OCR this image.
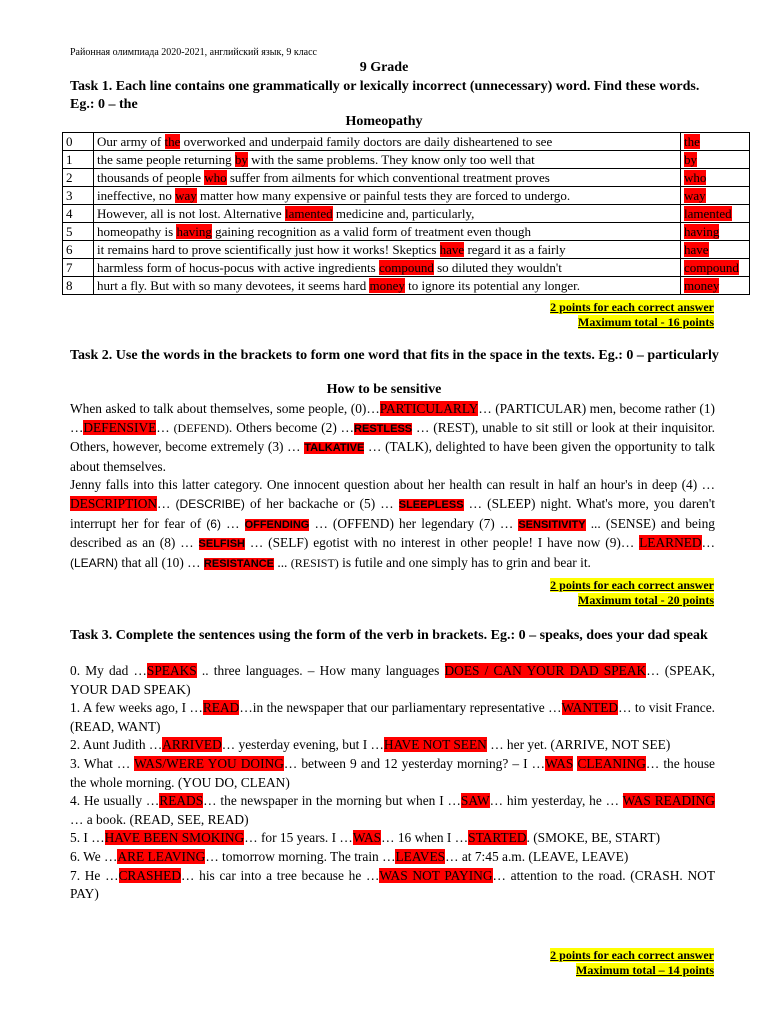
Районная олимпиада 2020-2021, английский язык, 9 класс
9 Grade
Task 1. Each line contains one grammatically or lexically incorrect (unnecessary) word. Find these words. Eg.: 0 – the
Homeopathy
0	Our army of the overworked and underpaid family doctors are daily disheartened to see	the
1	the same people returning by with the same problems. They know only too well that	by
2	thousands of people who suffer from ailments for which conventional treatment proves	who
3	ineffective, no way matter how many expensive or painful tests they are forced to undergo.	way
4	However, all is not lost. Alternative lamented medicine and, particularly,	lamented
5	homeopathy is having gaining recognition as a valid form of treatment even though	having
6	it remains hard to prove scientifically just how it works! Skeptics have regard it as a fairly	have
7	harmless form of hocus-pocus with active ingredients compound so diluted they wouldn't	compound
8	hurt a fly. But with so many devotees, it seems hard money to ignore its potential any longer.	money
2 points for each correct answer
Maximum total - 16 points
Task 2. Use the words in the brackets to form one word that fits in the space in the texts. Eg.: 0 – particularly
How to be sensitive
When asked to talk about themselves, some people, (0)…PARTICULARLY… (PARTICULAR) men, become rather (1) …DEFENSIVE… (DEFEND). Others become (2) …RESTLESS … (REST), unable to sit still or look at their inquisitor. Others, however, become extremely (3) … TALKATIVE … (TALK), delighted to have been given the opportunity to talk about themselves.
Jenny falls into this latter category. One innocent question about her health can result in half an hour's in deep (4) … DESCRIPTION… (DESCRIBE) of her backache or (5) … SLEEPLESS … (SLEEP) night. What's more, you daren't interrupt her for fear of (6) … OFFENDING … (OFFEND) her legendary (7) … SENSITIVITY ... (SENSE) and being described as an (8) … SELFISH … (SELF) egotist with no interest in other people! I have now (9)… LEARNED… (LEARN) that all (10) … RESISTANCE ... (RESIST) is futile and one simply has to grin and bear it.
2 points for each correct answer
Maximum total - 20 points
Task 3. Complete the sentences using the form of the verb in brackets. Eg.: 0 – speaks, does your dad speak
0. My dad …SPEAKS .. three languages. – How many languages DOES / CAN YOUR DAD SPEAK… (SPEAK, YOUR DAD SPEAK)
1. A few weeks ago, I …READ…in the newspaper that our parliamentary representative …WANTED… to visit France. (READ, WANT)
2. Aunt Judith …ARRIVED… yesterday evening, but I …HAVE NOT SEEN … her yet. (ARRIVE, NOT SEE)
3. What … WAS/WERE YOU DOING… between 9 and 12 yesterday morning? – I …WAS CLEANING… the house the whole morning. (YOU DO, CLEAN)
4. He usually …READS… the newspaper in the morning but when I …SAW… him yesterday, he … WAS READING … a book. (READ, SEE, READ)
5. I …HAVE BEEN SMOKING… for 15 years. I …WAS… 16 when I …STARTED. (SMOKE, BE, START)
6. We …ARE LEAVING… tomorrow morning. The train …LEAVES… at 7:45 a.m. (LEAVE, LEAVE)
7. He …CRASHED… his car into a tree because he …WAS NOT PAYING… attention to the road. (CRASH. NOT PAY)
2 points for each correct answer
Maximum total – 14 points
